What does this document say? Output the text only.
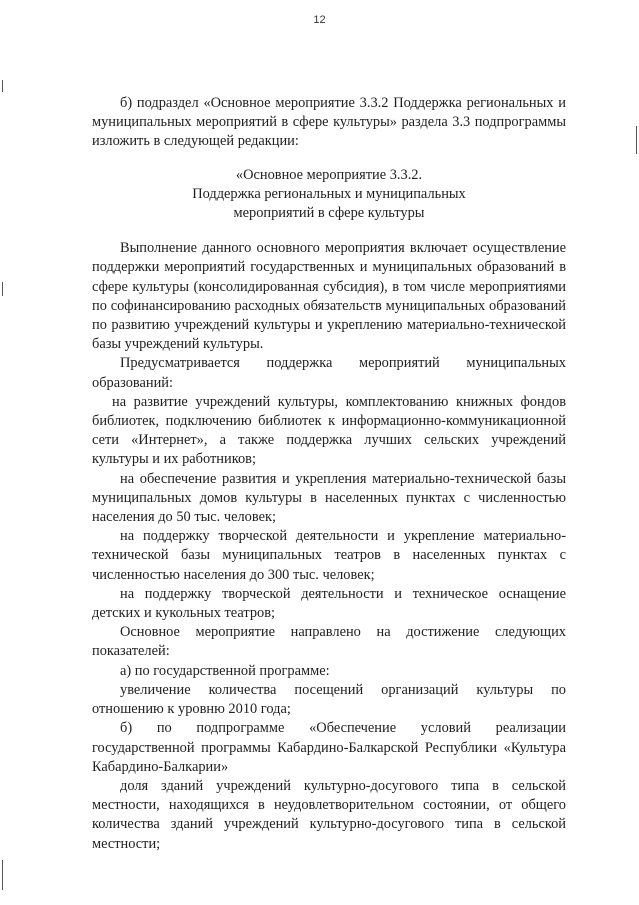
12

б) подраздел «Основное мероприятие 3.3.2 Поддержка региональных и муниципальных мероприятий в сфере культуры» раздела 3.3 подпрограммы изложить в следующей редакции:

«Основное мероприятие 3.3.2.

Поддержка региональных и муниципальных

мероприятий в сфере культуры

Выполнение данного основного мероприятия включает осуществление поддержки мероприятий государственных и муниципальных образований в сфере культуры (консолидированная субсидия), в том числе мероприятиями по софинансированию расходных обязательств муниципальных образований по развитию учреждений культуры и укреплению материально-технической базы учреждений культуры.

Предусматривается поддержка мероприятий муниципальных образований:

на развитие учреждений культуры, комплектованию книжных фондов библиотек, подключению библиотек к информационно-коммуникационной сети «Интернет», а также поддержка лучших сельских учреждений культуры и их работников;

на обеспечение развития и укрепления материально-технической базы муниципальных домов культуры в населенных пунктах с численностью населения до 50 тыс. человек;

на поддержку творческой деятельности и укрепление материально-технической базы муниципальных театров в населенных пунктах с численностью населения до 300 тыс. человек;

на поддержку творческой деятельности и техническое оснащение детских и кукольных театров;

Основное мероприятие направлено на достижение следующих показателей:

а) по государственной программе:

увеличение количества посещений организаций культуры по отношению к уровню 2010 года;

б) по подпрограмме «Обеспечение условий реализации государственной программы Кабардино-Балкарской Республики «Культура Кабардино-Балкарии»

доля зданий учреждений культурно-досугового типа в сельской местности, находящихся в неудовлетворительном состоянии, от общего количества зданий учреждений культурно-досугового типа в сельской местности;
